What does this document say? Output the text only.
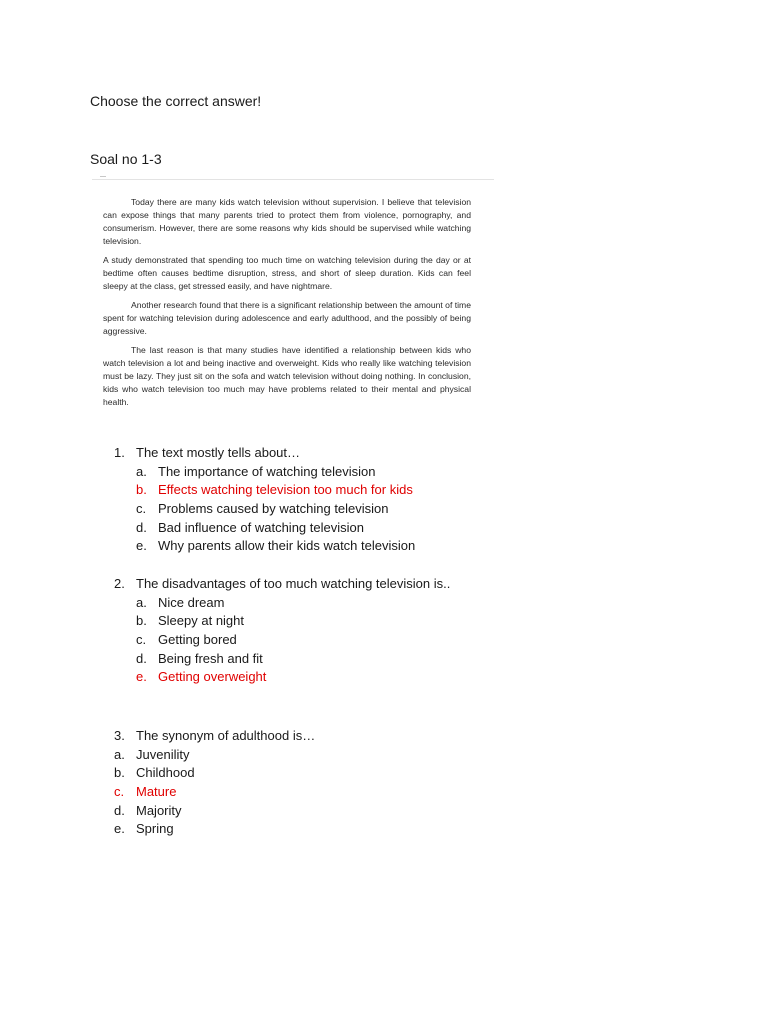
Choose the correct answer!
Soal no 1-3

Today there are many kids watch television without supervision. I believe that television can expose things that many parents tried to protect them from violence, pornography, and consumerism. However, there are some reasons why kids should be supervised while watching television.

A study demonstrated that spending too much time on watching television during the day or at bedtime often causes bedtime disruption, stress, and short of sleep duration. Kids can feel sleepy at the class, get stressed easily, and have nightmare.

Another research found that there is a significant relationship between the amount of time spent for watching television during adolescence and early adulthood, and the possibly of being aggressive.

The last reason is that many studies have identified a relationship between kids who watch television a lot and being inactive and overweight. Kids who really like watching television must be lazy. They just sit on the sofa and watch television without doing nothing. In conclusion, kids who watch television too much may have problems related to their mental and physical health.

1. The text mostly tells about…
a. The importance of watching television
b. Effects watching television too much for kids
c. Problems caused by watching television
d. Bad influence of watching television
e. Why parents allow their kids watch television
2. The disadvantages of too much watching television is..
a. Nice dream
b. Sleepy at night
c. Getting bored
d. Being fresh and fit
e. Getting overweight
3. The synonym of adulthood is…
a. Juvenility
b. Childhood
c. Mature
d. Majority
e. Spring
